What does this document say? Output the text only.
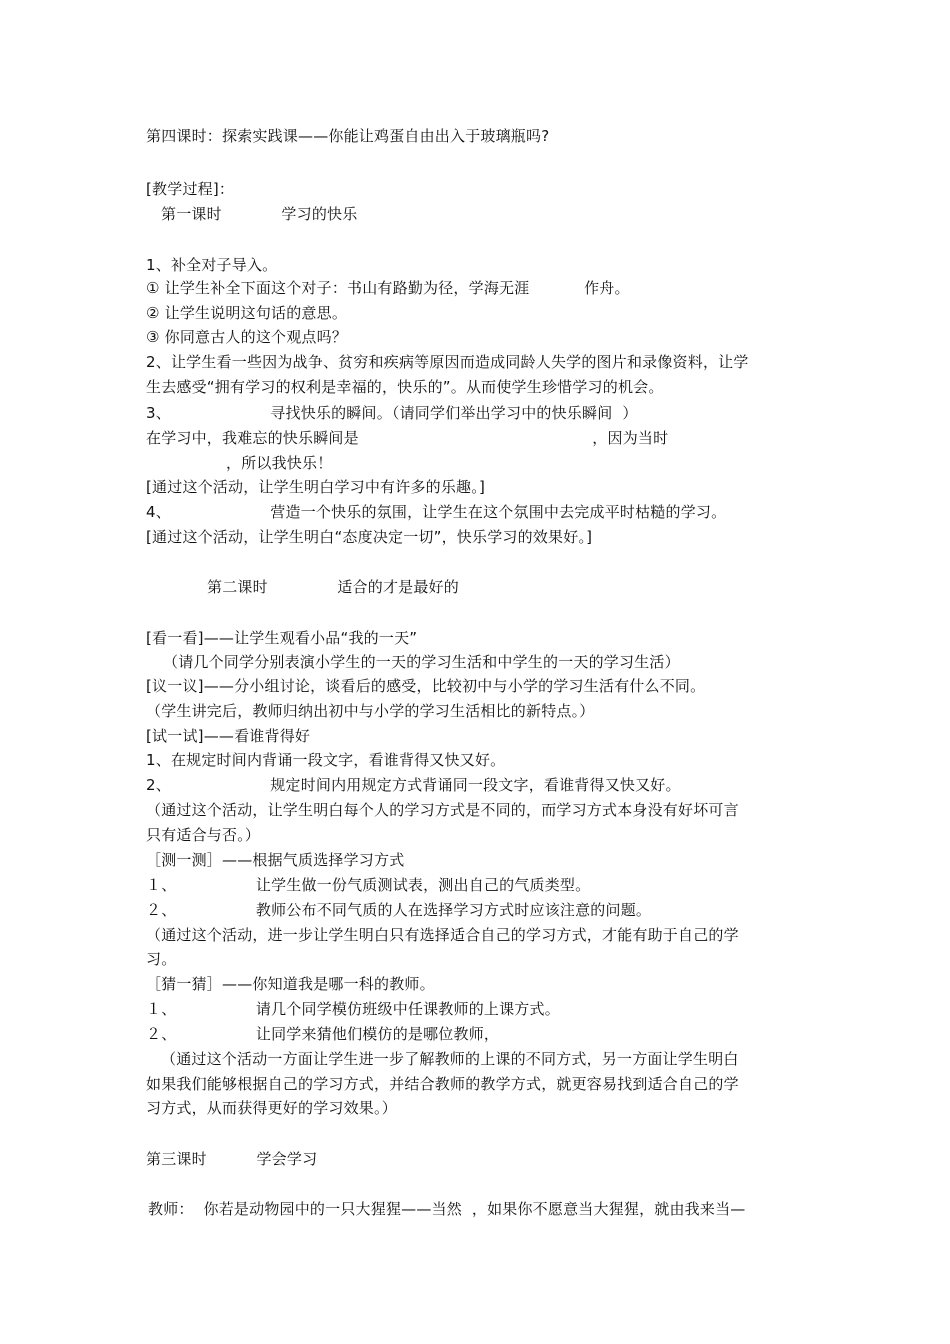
第四课时：探索实践课——你能让鸡蛋自由出入于玻璃瓶吗?
[教学过程]：
第一课时            学习的快乐
1、补全对子导入。
① 让学生补全下面这个对子：书山有路勤为径，学海无涯           作舟。
② 让学生说明这句话的意思。
③ 你同意古人的这个观点吗？
2、让学生看一些因为战争、贫穷和疾病等原因而造成同龄人失学的图片和录像资料，让学
生去感受“拥有学习的权利是幸福的，快乐的”。从而使学生珍惜学习的机会。
3、                    寻找快乐的瞬间。（请同学们举出学习中的快乐瞬间  ）
在学习中，我难忘的快乐瞬间是                                               ，因为当时
，所以我快乐！
[通过这个活动，让学生明白学习中有许多的乐趣。]
4、                    营造一个快乐的氛围，让学生在这个氛围中去完成平时枯糙的学习。
[通过这个活动，让学生明白“态度决定一切”，快乐学习的效果好。]
第二课时              适合的才是最好的
[看一看]——让学生观看小品“我的一天”
（请几个同学分别表演小学生的一天的学习生活和中学生的一天的学习生活）
[议一议]——分小组讨论，谈看后的感受，比较初中与小学的学习生活有什么不同。
（学生讲完后，教师归纳出初中与小学的学习生活相比的新特点。）
[试一试]——看谁背得好
1、在规定时间内背诵一段文字，看谁背得又快又好。
2、                    规定时间内用规定方式背诵同一段文字，看谁背得又快又好。
（通过这个活动，让学生明白每个人的学习方式是不同的，而学习方式本身没有好坏可言
只有适合与否。）
［测一测］——根据气质选择学习方式
１、                让学生做一份气质测试表，测出自己的气质类型。
２、                教师公布不同气质的人在选择学习方式时应该注意的问题。
（通过这个活动，进一步让学生明白只有选择适合自己的学习方式，才能有助于自己的学
习。
［猜一猜］——你知道我是哪一科的教师。
１、                请几个同学模仿班级中任课教师的上课方式。
２、                让同学来猜他们模仿的是哪位教师，
（通过这个活动一方面让学生进一步了解教师的上课的不同方式，另一方面让学生明白
如果我们能够根据自己的学习方式，并结合教师的教学方式，就更容易找到适合自己的学
习方式，从而获得更好的学习效果。）
第三课时          学会学习
教师：  你若是动物园中的一只大猩猩——当然  ，如果你不愿意当大猩猩，就由我来当—
